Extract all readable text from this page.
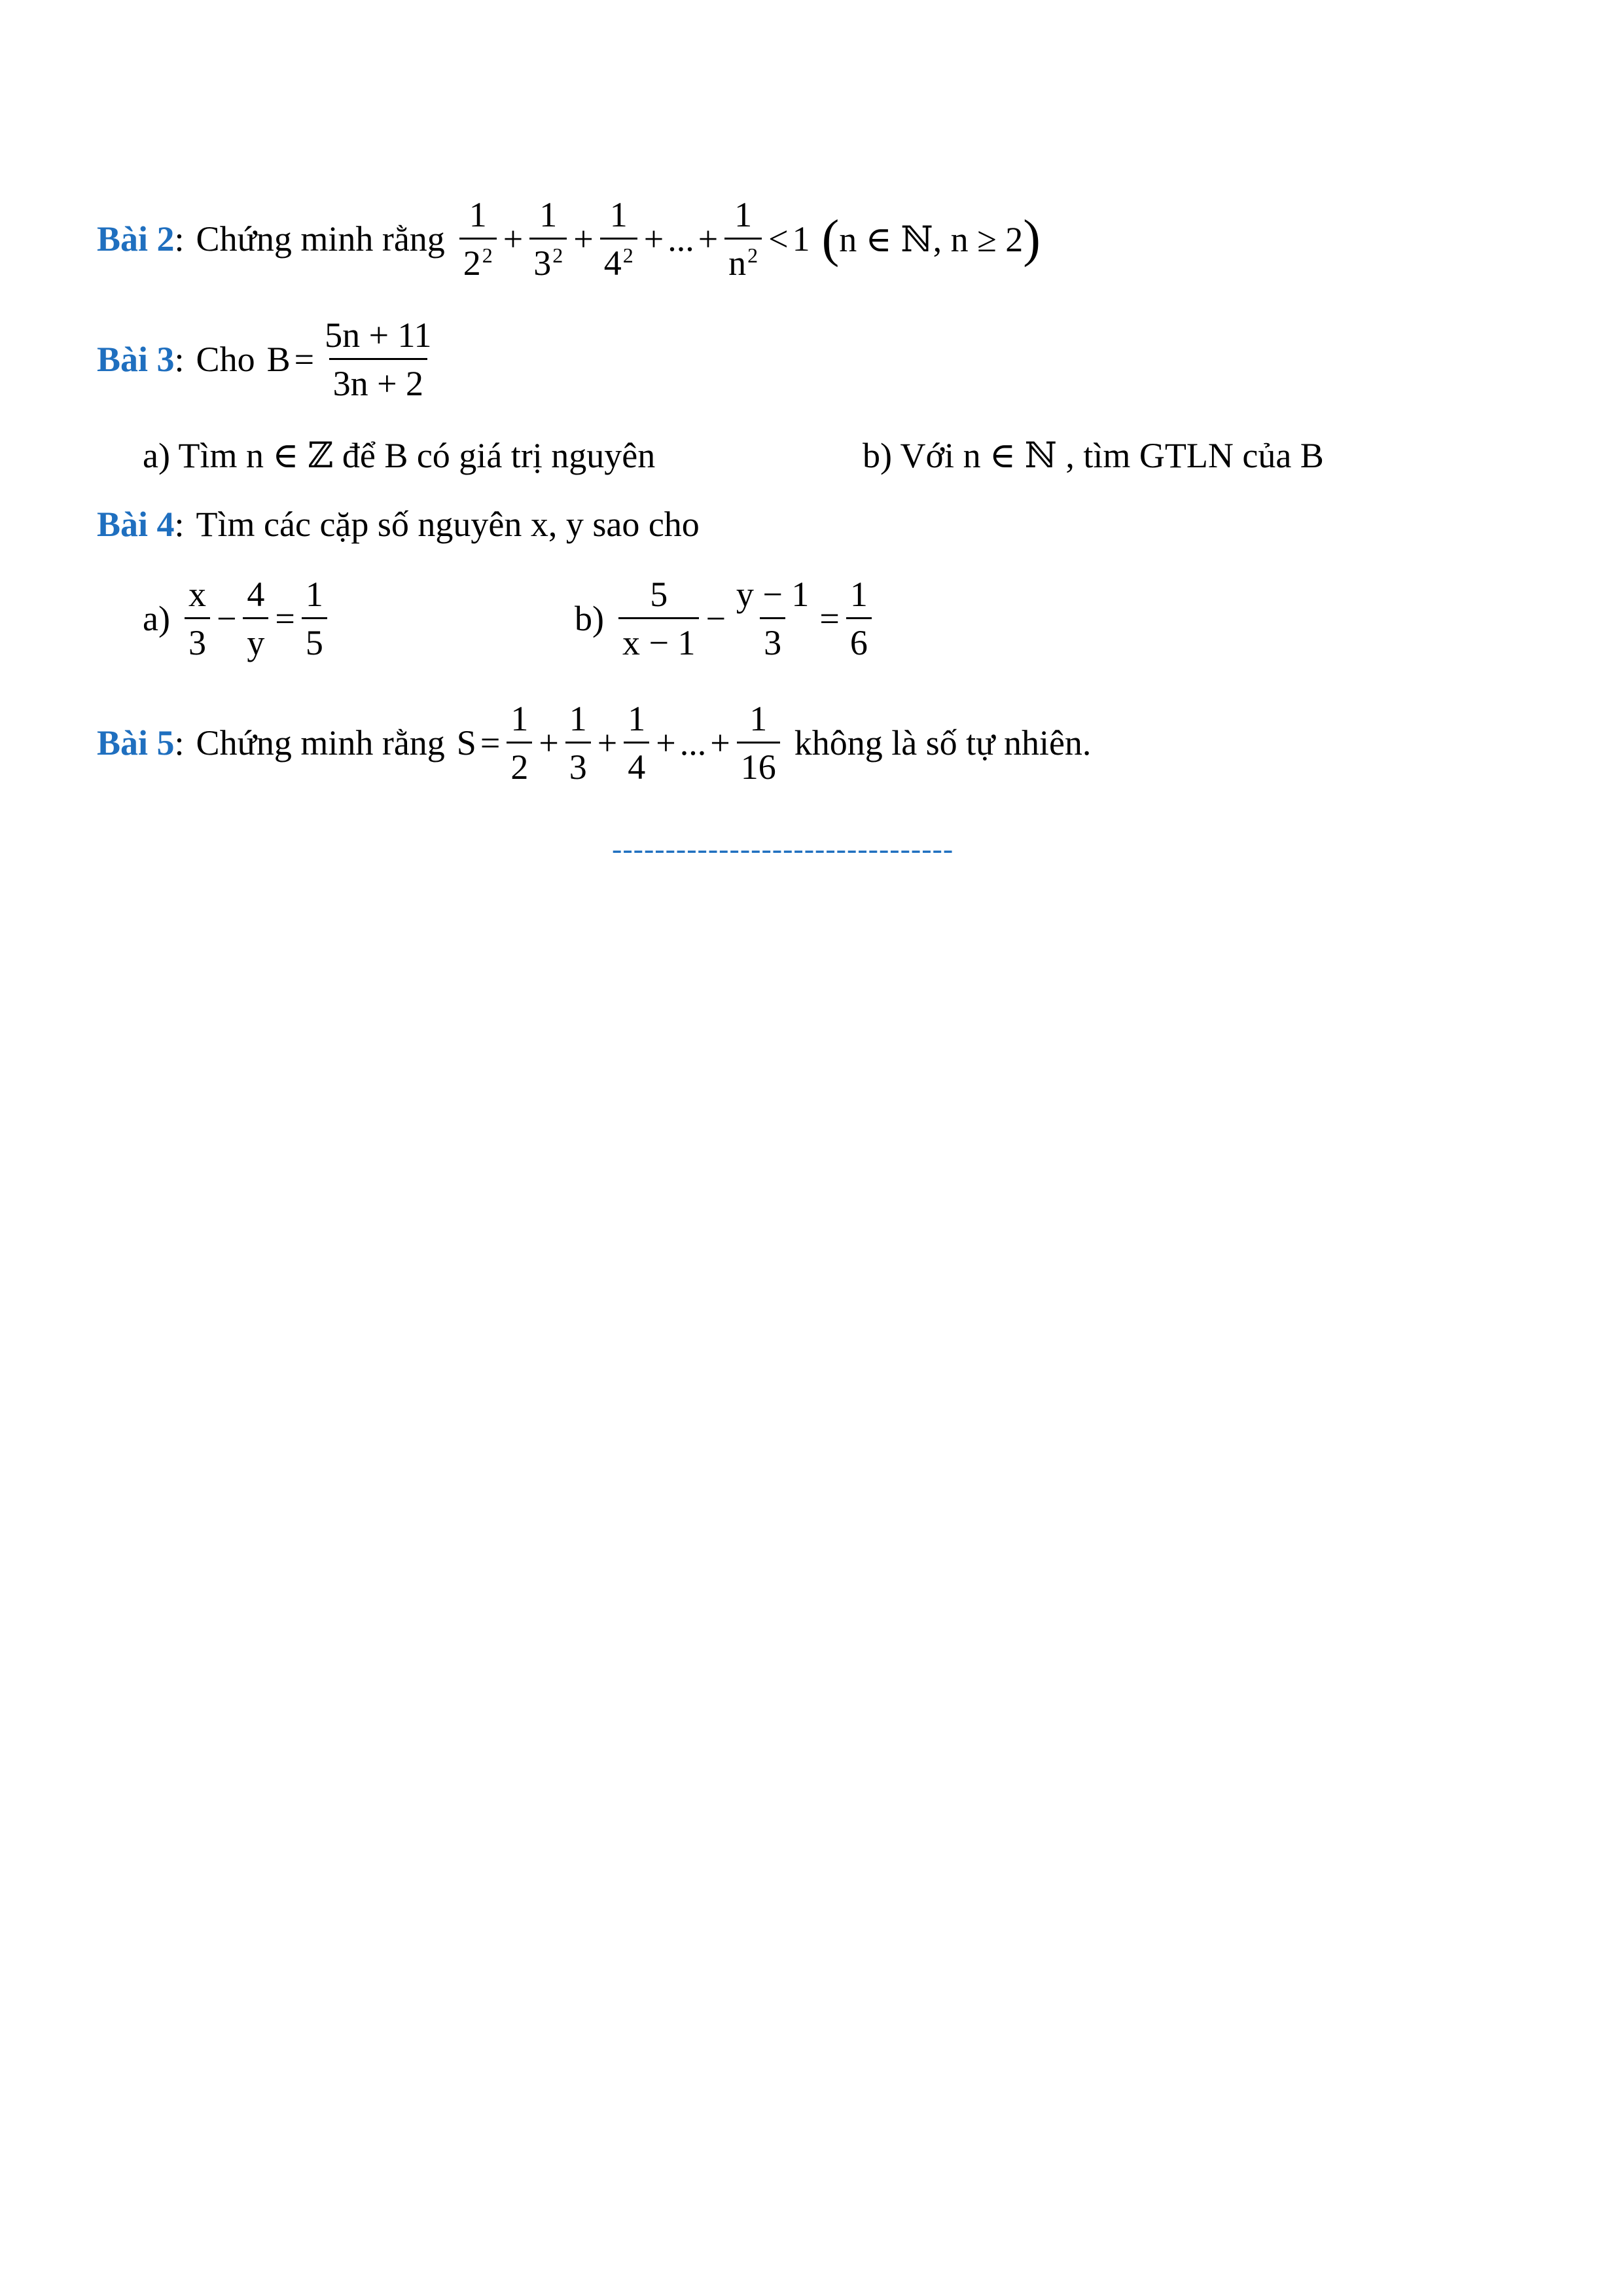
Bài 2 : Chứng minh rằng $\frac{1}{2^2} + \frac{1}{3^2} + \frac{1}{4^2}$ + ... + $\frac{1}{n^2} < 1$ ( n ∈ ℕ, n ≥ 2 )
Bài 3 : Cho $B = \frac{5n + 11}{3n + 2}$
a) Tìm n ∈ ℤ để B có giá trị nguyên	b) Với n ∈ ℕ , tìm GTLN của B
Bài 4 : Tìm các cặp số nguyên x, y sao cho
$a) \frac{x}{3} - \frac{4}{y} = \frac{1}{5}$	$b) \frac{5}{x - 1} - \frac{y - 1}{3} = \frac{1}{6}$
Bài 5 : Chứng minh rằng $S = \frac{1}{2} + \frac{1}{3} + \frac{1}{4}$ + ... + $\frac{1}{16}$ không là số tự nhiên.
--------------------------------
